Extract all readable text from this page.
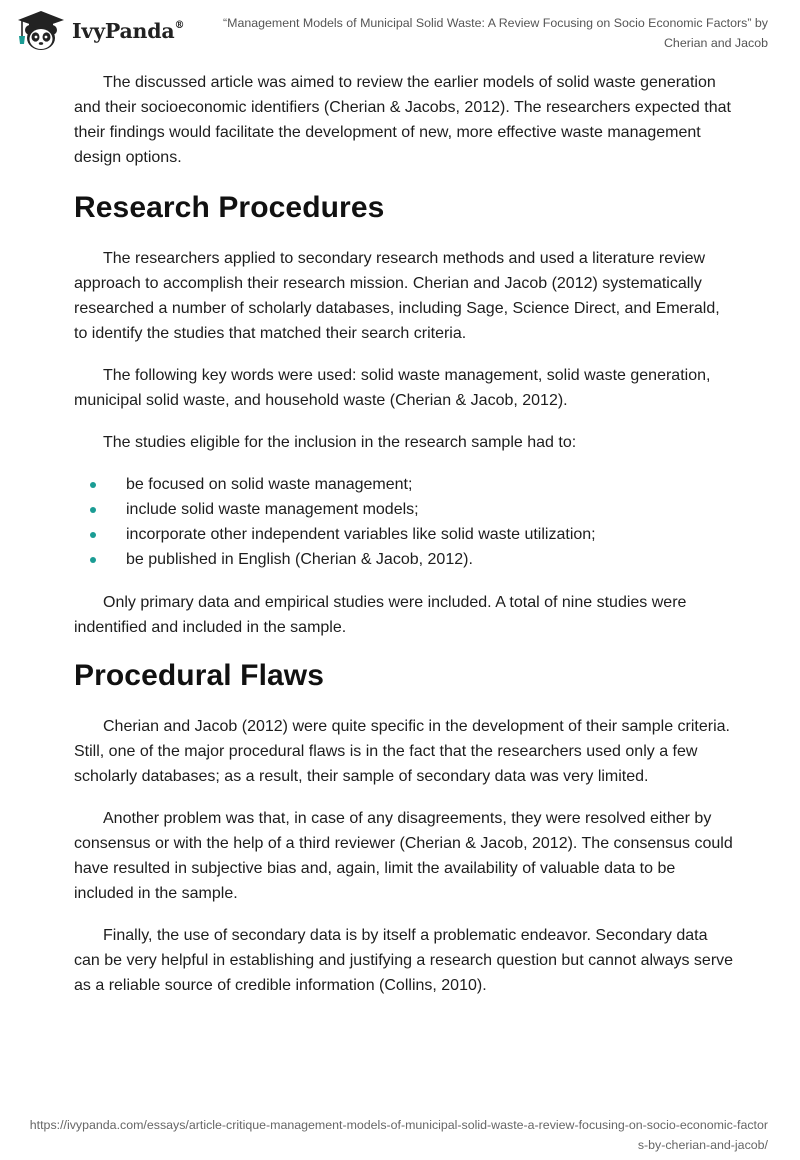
IvyPanda®	“Management Models of Municipal Solid Waste: A Review Focusing on Socio Economic Factors” by Cherian and Jacob

The discussed article was aimed to review the earlier models of solid waste generation and their socioeconomic identifiers (Cherian & Jacobs, 2012). The researchers expected that their findings would facilitate the development of new, more effective waste management design options.

Research Procedures

The researchers applied to secondary research methods and used a literature review approach to accomplish their research mission. Cherian and Jacob (2012) systematically researched a number of scholarly databases, including Sage, Science Direct, and Emerald, to identify the studies that matched their search criteria.

The following key words were used: solid waste management, solid waste generation, municipal solid waste, and household waste (Cherian & Jacob, 2012).

The studies eligible for the inclusion in the research sample had to:

be focused on solid waste management;
include solid waste management models;
incorporate other independent variables like solid waste utilization;
be published in English (Cherian & Jacob, 2012).

Only primary data and empirical studies were included. A total of nine studies were indentified and included in the sample.

Procedural Flaws

Cherian and Jacob (2012) were quite specific in the development of their sample criteria. Still, one of the major procedural flaws is in the fact that the researchers used only a few scholarly databases; as a result, their sample of secondary data was very limited.

Another problem was that, in case of any disagreements, they were resolved either by consensus or with the help of a third reviewer (Cherian & Jacob, 2012). The consensus could have resulted in subjective bias and, again, limit the availability of valuable data to be included in the sample.

Finally, the use of secondary data is by itself a problematic endeavor. Secondary data can be very helpful in establishing and justifying a research question but cannot always serve as a reliable source of credible information (Collins, 2010).

https://ivypanda.com/essays/article-critique-management-models-of-municipal-solid-waste-a-review-focusing-on-socio-economic-factors-by-cherian-and-jacob/
